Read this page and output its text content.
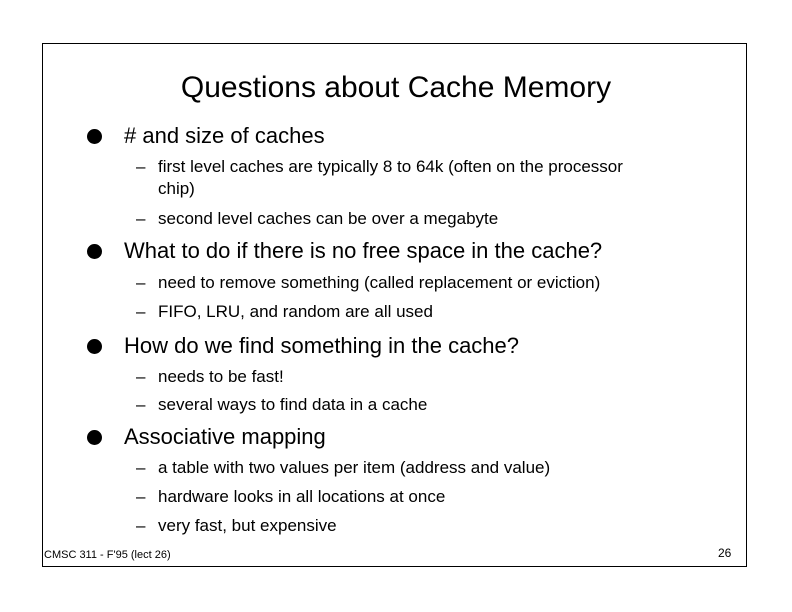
Questions about Cache Memory
# and size of caches
– first level caches are typically 8 to 64k (often on the processor chip)
– second level caches can be over a megabyte
What to do if there is no free space in the cache?
– need to remove something (called replacement or eviction)
– FIFO, LRU, and random are all used
How do we find something in the cache?
– needs to be fast!
– several ways to find data in a cache
Associative mapping
– a table with two values per item (address and value)
– hardware looks in all locations at once
– very fast, but expensive
CMSC 311 - F'95 (lect 26)	26
